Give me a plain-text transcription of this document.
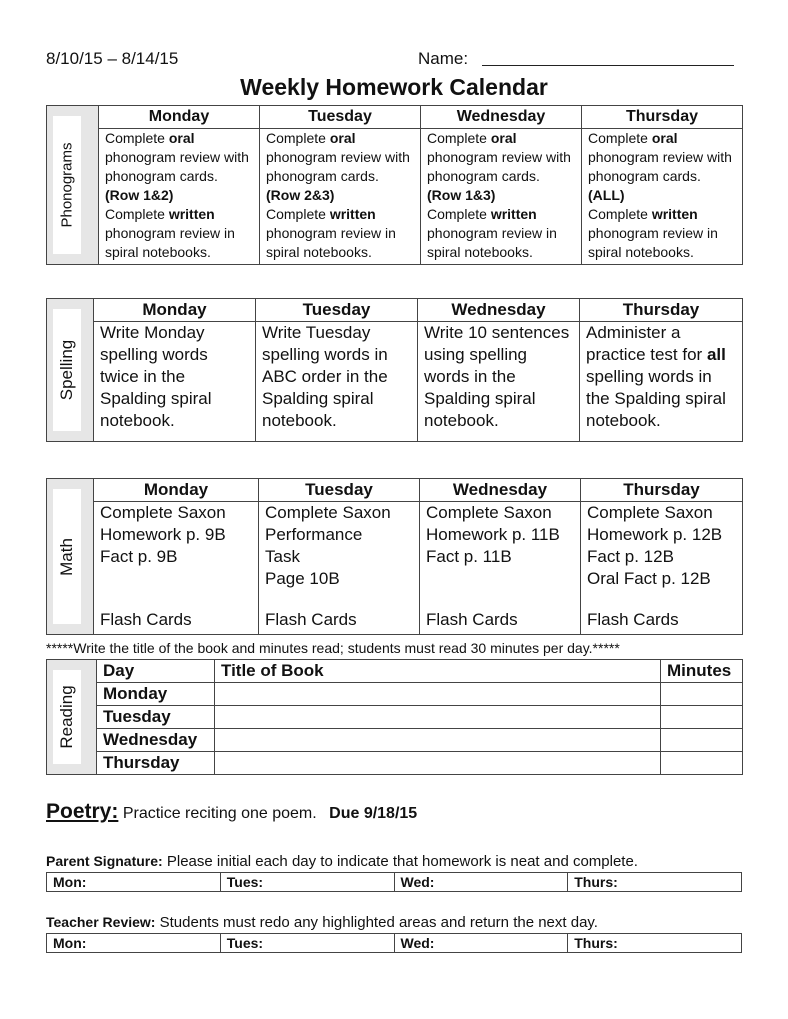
8/10/15 – 8/14/15	Name:
Weekly Homework Calendar
Phonograms	Monday	Tuesday	Wednesday	Thursday
	Complete oral
phonogram review with phonogram cards. (Row 1&2)
Complete written
phonogram review in spiral notebooks.	Complete oral
phonogram review with phonogram cards. (Row 2&3)
Complete written
phonogram review in spiral notebooks.	Complete oral
phonogram review with phonogram cards. (Row 1&3)
Complete written
phonogram review in spiral notebooks.	Complete oral
phonogram review with phonogram cards. (ALL)
Complete written
phonogram review in spiral notebooks.
Spelling	Monday	Tuesday	Wednesday	Thursday
	Write Monday spelling words twice in the Spalding spiral notebook.	Write Tuesday spelling words in ABC order in the Spalding spiral notebook.	Write 10 sentences using spelling words in the Spalding spiral notebook.	Administer a practice test for all spelling words in the Spalding spiral notebook.
Math	Monday	Tuesday	Wednesday	Thursday
	Complete Saxon
Homework p. 9B
Fact p. 9B
Flash Cards	Complete Saxon
Performance
Task
Page 10B
Flash Cards	Complete Saxon
Homework p. 11B
Fact p. 11B
Flash Cards	Complete Saxon
Homework p. 12B
Fact p. 12B
Oral Fact p. 12B
Flash Cards
*****Write the title of the book and minutes read; students must read 30 minutes per day.*****
Reading	Day	Title of Book	Minutes
	Monday		
	Tuesday		
	Wednesday		
	Thursday		
Poetry: Practice reciting one poem. Due 9/18/15
Parent Signature: Please initial each day to indicate that homework is neat and complete.
Mon:	Tues:	Wed:	Thurs:
Teacher Review: Students must redo any highlighted areas and return the next day.
Mon:	Tues:	Wed:	Thurs:
